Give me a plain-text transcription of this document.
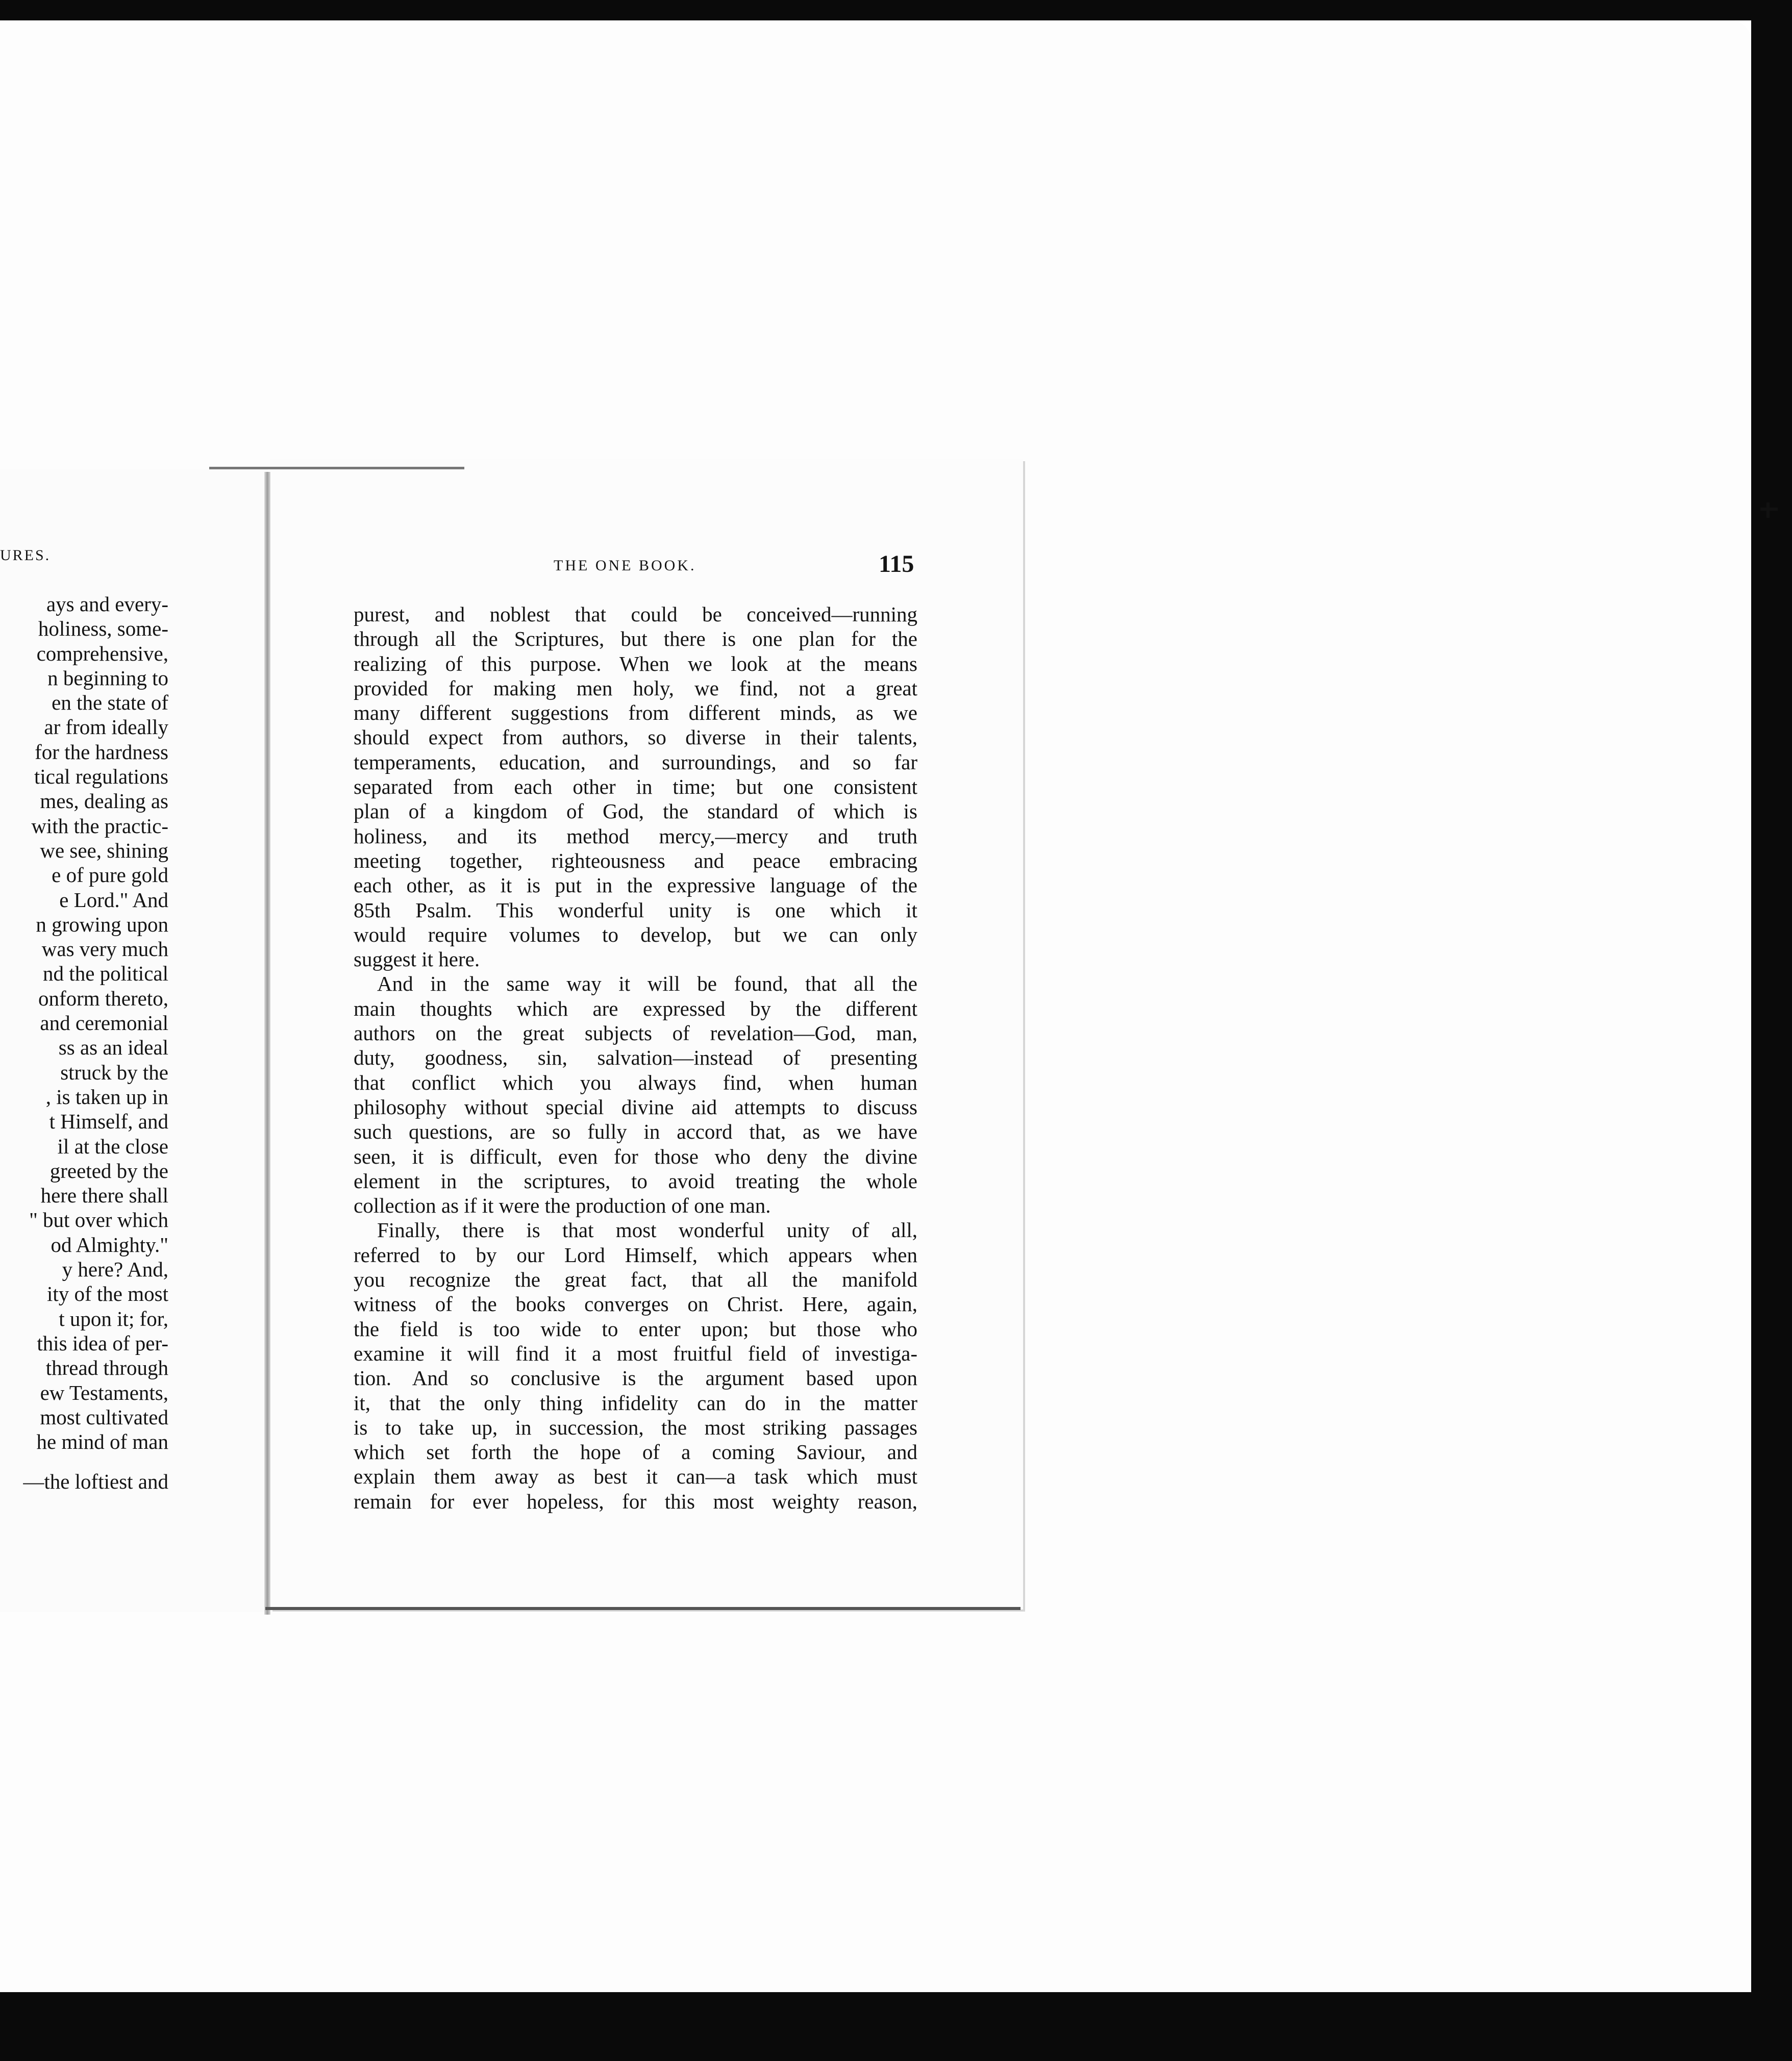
URES.
ays and every-
holiness, some-
comprehensive,
n beginning to
en the state of
ar from ideally
for the hardness
tical regulations
mes, dealing as
with the practic-
we see, shining
e of pure gold
e Lord." And
n growing upon
was very much
nd the political
onform thereto,
and ceremonial
ss as an ideal
struck by the
, is taken up in
t Himself, and
il at the close
greeted by the
here there shall
" but over which
od Almighty."
y here? And,
ity of the most
t upon it; for,
this idea of per-
thread through
ew Testaments,
most cultivated
he mind of man
—the loftiest and
THE ONE BOOK.	115
purest, and noblest that could be conceived—running
through all the Scriptures, but there is one plan for the
realizing of this purpose. When we look at the means
provided for making men holy, we find, not a great
many different suggestions from different minds, as we
should expect from authors, so diverse in their talents,
temperaments, education, and surroundings, and so far
separated from each other in time; but one consistent
plan of a kingdom of God, the standard of which is
holiness, and its method mercy,—mercy and truth
meeting together, righteousness and peace embracing
each other, as it is put in the expressive language of the
85th Psalm. This wonderful unity is one which it
would require volumes to develop, but we can only
suggest it here.
And in the same way it will be found, that all the
main thoughts which are expressed by the different
authors on the great subjects of revelation—God, man,
duty, goodness, sin, salvation—instead of presenting
that conflict which you always find, when human
philosophy without special divine aid attempts to discuss
such questions, are so fully in accord that, as we have
seen, it is difficult, even for those who deny the divine
element in the scriptures, to avoid treating the whole
collection as if it were the production of one man.
Finally, there is that most wonderful unity of all,
referred to by our Lord Himself, which appears when
you recognize the great fact, that all the manifold
witness of the books converges on Christ. Here, again,
the field is too wide to enter upon; but those who
examine it will find it a most fruitful field of investiga-
tion. And so conclusive is the argument based upon
it, that the only thing infidelity can do in the matter
is to take up, in succession, the most striking passages
which set forth the hope of a coming Saviour, and
explain them away as best it can—a task which must
remain for ever hopeless, for this most weighty reason,
